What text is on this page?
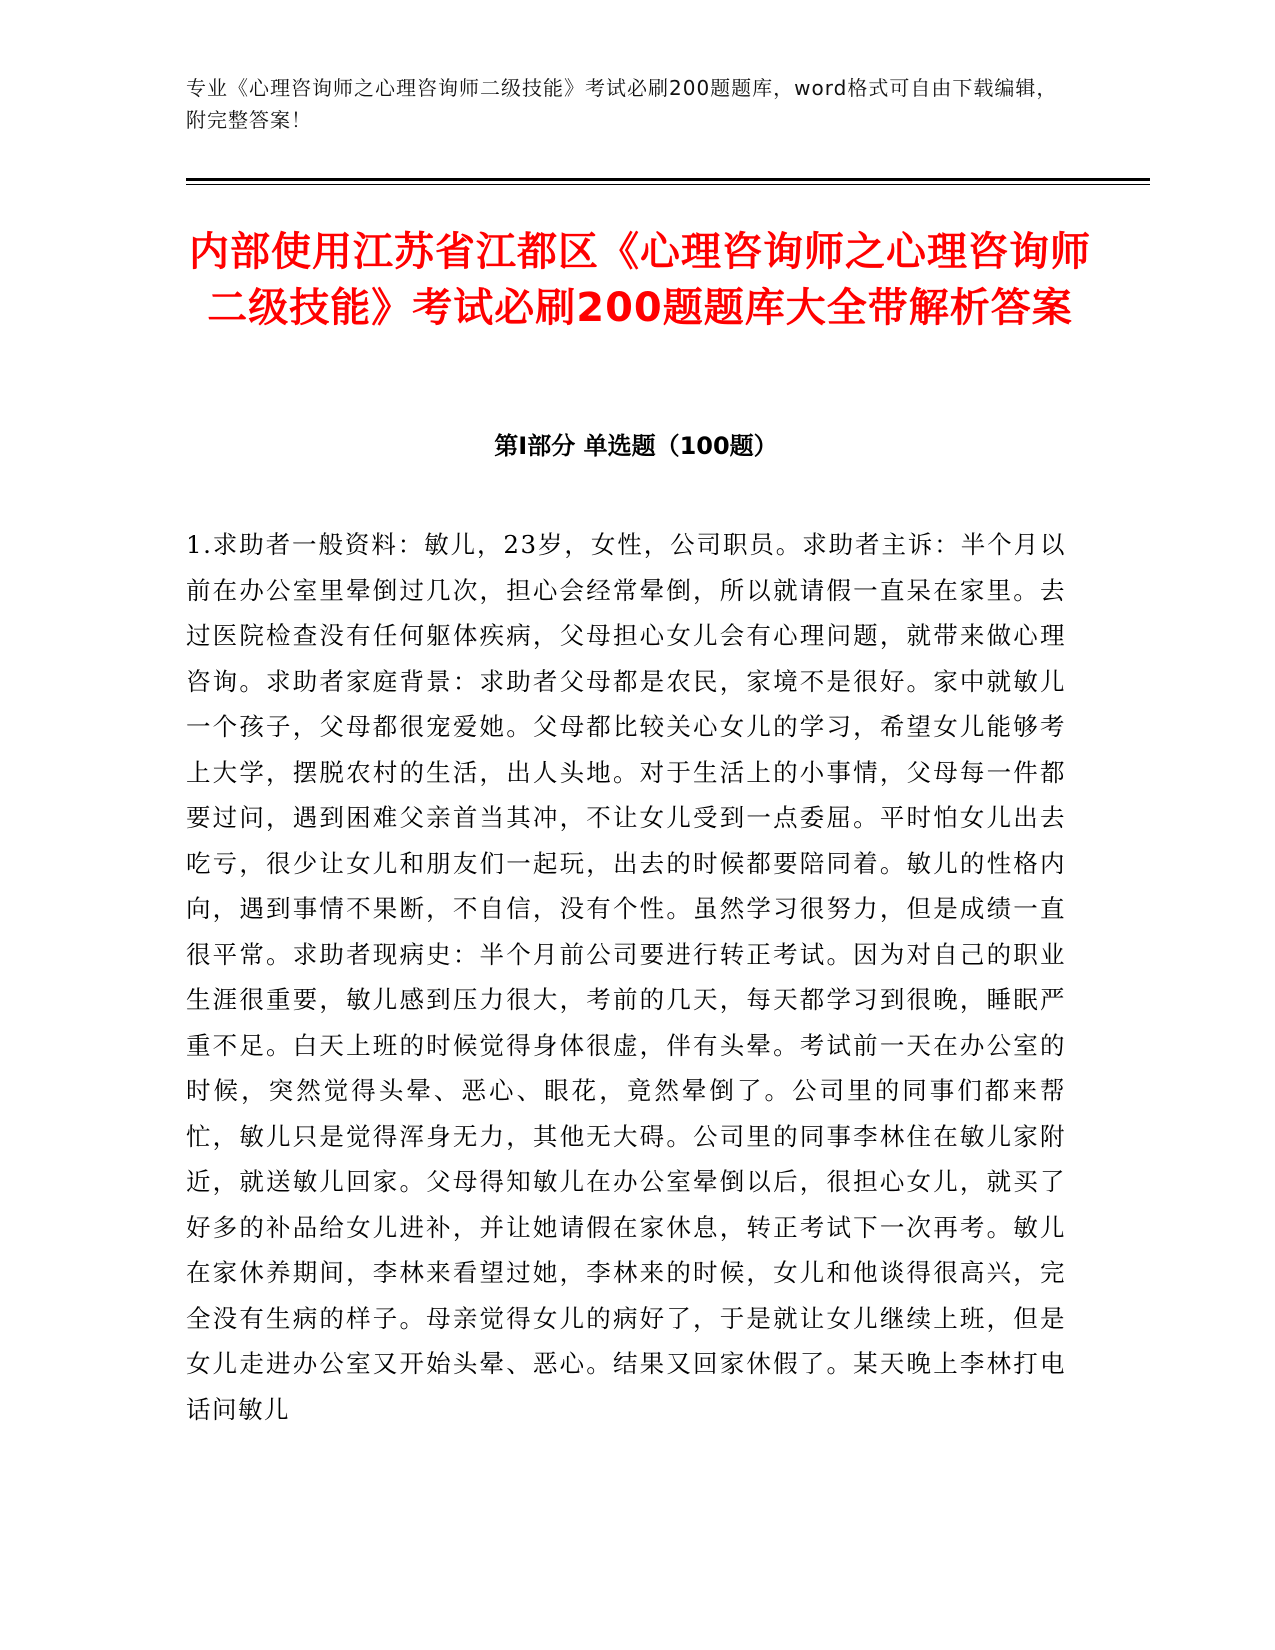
专业《心理咨询师之心理咨询师二级技能》考试必刷200题题库，word格式可自由下载编辑，附完整答案！
内部使用江苏省江都区《心理咨询师之心理咨询师二级技能》考试必刷200题题库大全带解析答案
第I部分 单选题（100题）
1.求助者一般资料：敏儿，23岁，女性，公司职员。求助者主诉：半个月以前在办公室里晕倒过几次，担心会经常晕倒，所以就请假一直呆在家里。去过医院检查没有任何躯体疾病，父母担心女儿会有心理问题，就带来做心理咨询。求助者家庭背景：求助者父母都是农民，家境不是很好。家中就敏儿一个孩子，父母都很宠爱她。父母都比较关心女儿的学习，希望女儿能够考上大学，摆脱农村的生活，出人头地。对于生活上的小事情，父母每一件都要过问，遇到困难父亲首当其冲，不让女儿受到一点委屈。平时怕女儿出去吃亏，很少让女儿和朋友们一起玩，出去的时候都要陪同着。敏儿的性格内向，遇到事情不果断，不自信，没有个性。虽然学习很努力，但是成绩一直很平常。求助者现病史：半个月前公司要进行转正考试。因为对自己的职业生涯很重要，敏儿感到压力很大，考前的几天，每天都学习到很晚，睡眠严重不足。白天上班的时候觉得身体很虚，伴有头晕。考试前一天在办公室的时候，突然觉得头晕、恶心、眼花，竟然晕倒了。公司里的同事们都来帮忙，敏儿只是觉得浑身无力，其他无大碍。公司里的同事李林住在敏儿家附近，就送敏儿回家。父母得知敏儿在办公室晕倒以后，很担心女儿，就买了好多的补品给女儿进补，并让她请假在家休息，转正考试下一次再考。敏儿在家休养期间，李林来看望过她，李林来的时候，女儿和他谈得很高兴，完全没有生病的样子。母亲觉得女儿的病好了，于是就让女儿继续上班，但是女儿走进办公室又开始头晕、恶心。结果又回家休假了。某天晚上李林打电话问敏儿
